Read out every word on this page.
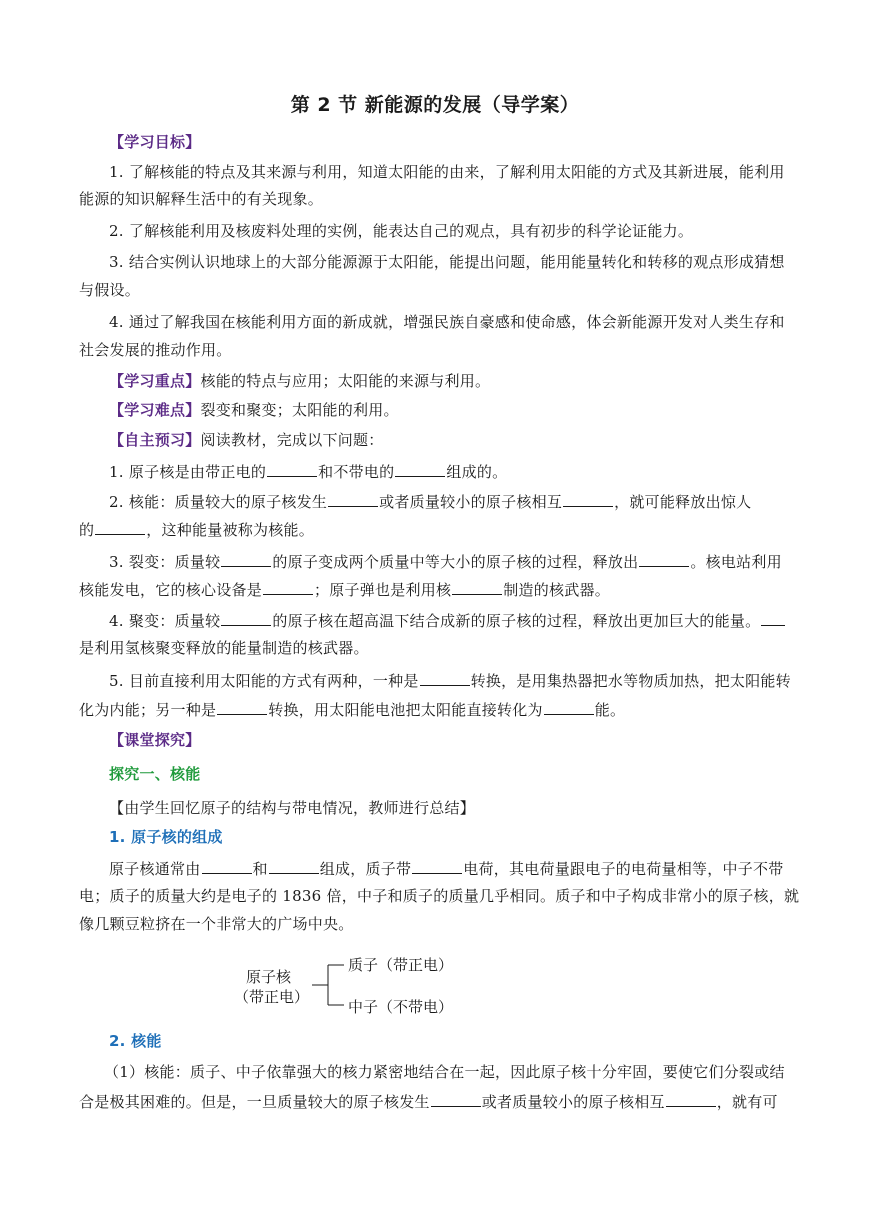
第 2 节 新能源的发展（导学案）
【学习目标】
1. 了解核能的特点及其来源与利用，知道太阳能的由来，了解利用太阳能的方式及其新进展，能利用
能源的知识解释生活中的有关现象。
2. 了解核能利用及核废料处理的实例，能表达自己的观点，具有初步的科学论证能力。
3. 结合实例认识地球上的大部分能源源于太阳能，能提出问题，能用能量转化和转移的观点形成猜想
与假设。
4. 通过了解我国在核能利用方面的新成就，增强民族自豪感和使命感，体会新能源开发对人类生存和
社会发展的推动作用。
【学习重点】核能的特点与应用；太阳能的来源与利用。
【学习难点】裂变和聚变；太阳能的利用。
【自主预习】阅读教材，完成以下问题：
1. 原子核是由带正电的	和不带电的	组成的。
2. 核能：质量较大的原子核发生	或者质量较小的原子核相互	，就可能释放出惊人
的	，这种能量被称为核能。
3. 裂变：质量较	的原子变成两个质量中等大小的原子核的过程，释放出	。核电站利用
核能发电，它的核心设备是	；原子弹也是利用核	制造的核武器。
4. 聚变：质量较	的原子核在超高温下结合成新的原子核的过程，释放出更加巨大的能量。
是利用氢核聚变释放的能量制造的核武器。
5. 目前直接利用太阳能的方式有两种，一种是	转换，是用集热器把水等物质加热，把太阳能转
化为内能；另一种是	转换，用太阳能电池把太阳能直接转化为	能。
【课堂探究】
探究一、核能
【由学生回忆原子的结构与带电情况，教师进行总结】
1. 原子核的组成
原子核通常由	和	组成，质子带	电荷，其电荷量跟电子的电荷量相等，中子不带
电；质子的质量大约是电子的 1836 倍，中子和质子的质量几乎相同。质子和中子构成非常小的原子核，就
像几颗豆粒挤在一个非常大的广场中央。
原子核
（带正电）
质子（带正电）
中子（不带电）
2. 核能
（1）核能：质子、中子依靠强大的核力紧密地结合在一起，因此原子核十分牢固，要使它们分裂或结
合是极其困难的。但是，一旦质量较大的原子核发生	或者质量较小的原子核相互	，就有可
